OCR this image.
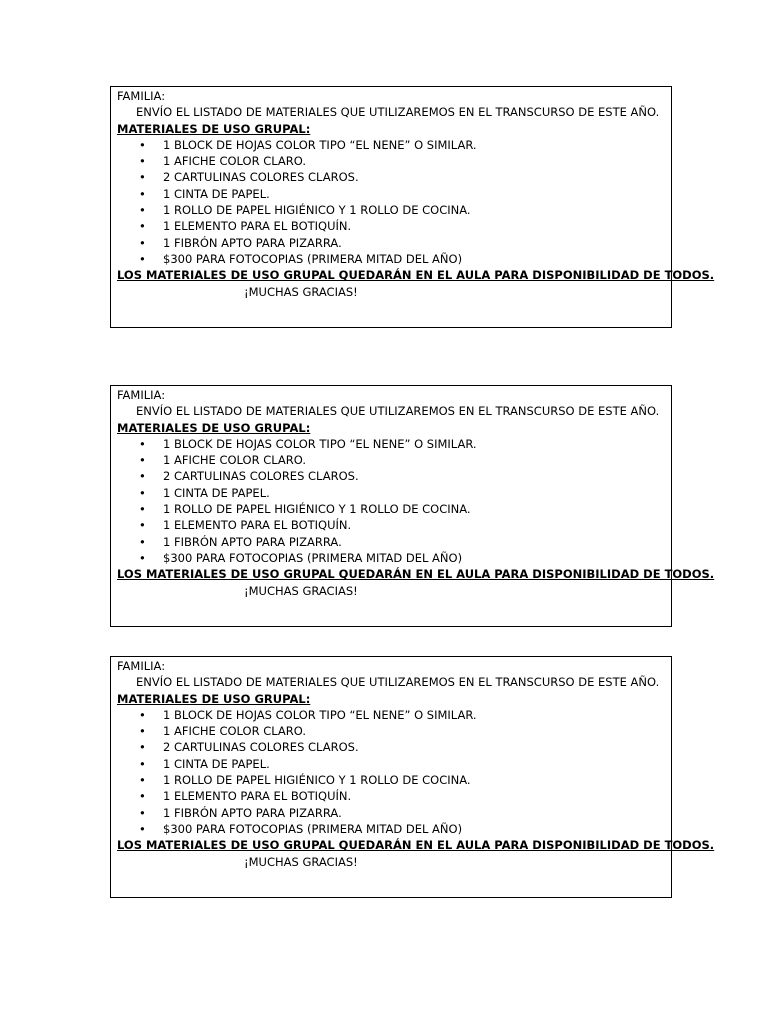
FAMILIA:
ENVÍO EL LISTADO DE MATERIALES QUE UTILIZAREMOS EN EL TRANSCURSO DE ESTE AÑO.
MATERIALES DE USO GRUPAL:
• 1 BLOCK DE HOJAS COLOR TIPO “EL NENE” O SIMILAR.
• 1 AFICHE COLOR CLARO.
• 2 CARTULINAS COLORES CLAROS.
• 1 CINTA DE PAPEL.
• 1 ROLLO DE PAPEL HIGIÉNICO Y 1 ROLLO DE COCINA.
• 1 ELEMENTO PARA EL BOTIQUÍN.
• 1 FIBRÓN APTO PARA PIZARRA.
• $300 PARA FOTOCOPIAS (PRIMERA MITAD DEL AÑO)
LOS MATERIALES DE USO GRUPAL QUEDARÁN EN EL AULA PARA DISPONIBILIDAD DE TODOS.
¡MUCHAS GRACIAS!
FAMILIA:
ENVÍO EL LISTADO DE MATERIALES QUE UTILIZAREMOS EN EL TRANSCURSO DE ESTE AÑO.
MATERIALES DE USO GRUPAL:
• 1 BLOCK DE HOJAS COLOR TIPO “EL NENE” O SIMILAR.
• 1 AFICHE COLOR CLARO.
• 2 CARTULINAS COLORES CLAROS.
• 1 CINTA DE PAPEL.
• 1 ROLLO DE PAPEL HIGIÉNICO Y 1 ROLLO DE COCINA.
• 1 ELEMENTO PARA EL BOTIQUÍN.
• 1 FIBRÓN APTO PARA PIZARRA.
• $300 PARA FOTOCOPIAS (PRIMERA MITAD DEL AÑO)
LOS MATERIALES DE USO GRUPAL QUEDARÁN EN EL AULA PARA DISPONIBILIDAD DE TODOS.
¡MUCHAS GRACIAS!
FAMILIA:
ENVÍO EL LISTADO DE MATERIALES QUE UTILIZAREMOS EN EL TRANSCURSO DE ESTE AÑO.
MATERIALES DE USO GRUPAL:
• 1 BLOCK DE HOJAS COLOR TIPO “EL NENE” O SIMILAR.
• 1 AFICHE COLOR CLARO.
• 2 CARTULINAS COLORES CLAROS.
• 1 CINTA DE PAPEL.
• 1 ROLLO DE PAPEL HIGIÉNICO Y 1 ROLLO DE COCINA.
• 1 ELEMENTO PARA EL BOTIQUÍN.
• 1 FIBRÓN APTO PARA PIZARRA.
• $300 PARA FOTOCOPIAS (PRIMERA MITAD DEL AÑO)
LOS MATERIALES DE USO GRUPAL QUEDARÁN EN EL AULA PARA DISPONIBILIDAD DE TODOS.
¡MUCHAS GRACIAS!
